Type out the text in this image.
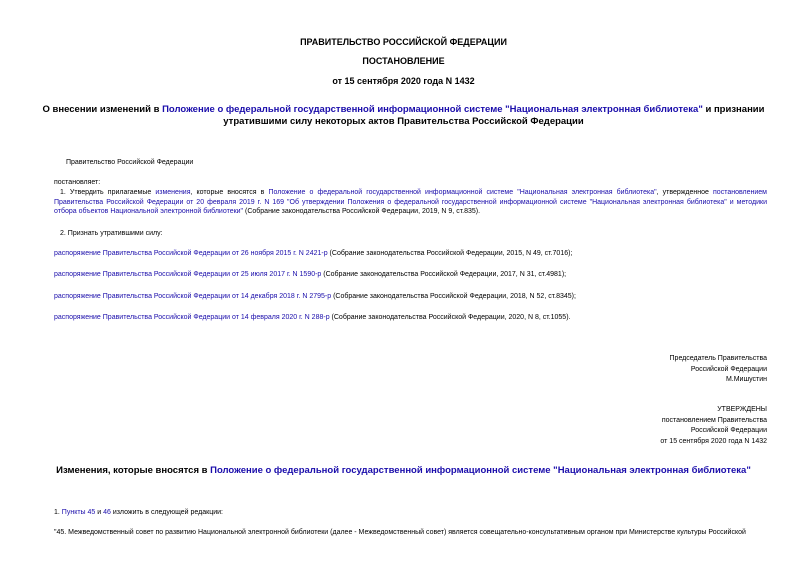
ПРАВИТЕЛЬСТВО РОССИЙСКОЙ ФЕДЕРАЦИИ
ПОСТАНОВЛЕНИЕ
от 15 сентября 2020 года N 1432
О внесении изменений в Положение о федеральной государственной информационной системе "Национальная электронная библиотека" и признании утратившими силу некоторых актов Правительства Российской Федерации
Правительство Российской Федерации
постановляет:
1. Утвердить прилагаемые изменения, которые вносятся в Положение о федеральной государственной информационной системе "Национальная электронная библиотека", утвержденное постановлением Правительства Российской Федерации от 20 февраля 2019 г. N 169 "Об утверждении Положения о федеральной государственной информационной системе "Национальная электронная библиотека" и методики отбора объектов Национальной электронной библиотеки" (Собрание законодательства Российской Федерации, 2019, N 9, ст.835).
2. Признать утратившими силу:
распоряжение Правительства Российской Федерации от 26 ноября 2015 г. N 2421-р (Собрание законодательства Российской Федерации, 2015, N 49, ст.7016);
распоряжение Правительства Российской Федерации от 25 июля 2017 г. N 1590-р (Собрание законодательства Российской Федерации, 2017, N 31, ст.4981);
распоряжение Правительства Российской Федерации от 14 декабря 2018 г. N 2795-р (Собрание законодательства Российской Федерации, 2018, N 52, ст.8345);
распоряжение Правительства Российской Федерации от 14 февраля 2020 г. N 288-р (Собрание законодательства Российской Федерации, 2020, N 8, ст.1055).
Председатель Правительства
Российской Федерации
М.Мишустин
УТВЕРЖДЕНЫ
постановлением Правительства
Российской Федерации
от 15 сентября 2020 года N 1432
Изменения, которые вносятся в Положение о федеральной государственной информационной системе "Национальная электронная библиотека"
1. Пункты 45 и 46 изложить в следующей редакции:
"45. Межведомственный совет по развитию Национальной электронной библиотеки (далее - Межведомственный совет) является совещательно-консультативным органом при Министерстве культуры Российской
